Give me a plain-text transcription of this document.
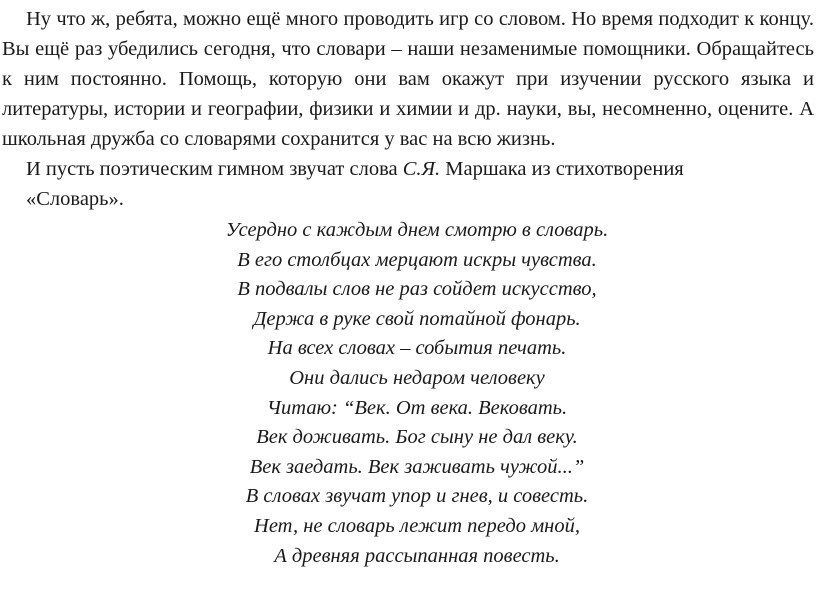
Ну что ж, ребята, можно ещё много проводить игр со словом. Но время подходит к концу. Вы ещё раз убедились сегодня, что словари – наши незаменимые помощники. Обращайтесь к ним постоянно. Помощь, которую они вам окажут при изучении русского языка и литературы, истории и географии, физики и химии и др. науки, вы, несомненно, оцените. А школьная дружба со словарями сохранится у вас на всю жизнь.

И пусть поэтическим гимном звучат слова С.Я. Маршака из стихотворения «Словарь».

Усердно с каждым днем смотрю в словарь.
В его столбцах мерцают искры чувства.
В подвалы слов не раз сойдет искусство,
Держа в руке свой потайной фонарь.
На всех словах – события печать.
Они дались недаром человеку
Читаю: “Век. От века. Вековать.
Век доживать. Бог сыну не дал веку.
Век заедать. Век заживать чужой...”
В словах звучат упор и гнев, и совесть.
Нет, не словарь лежит передо мной,
А древняя рассыпанная повесть.
